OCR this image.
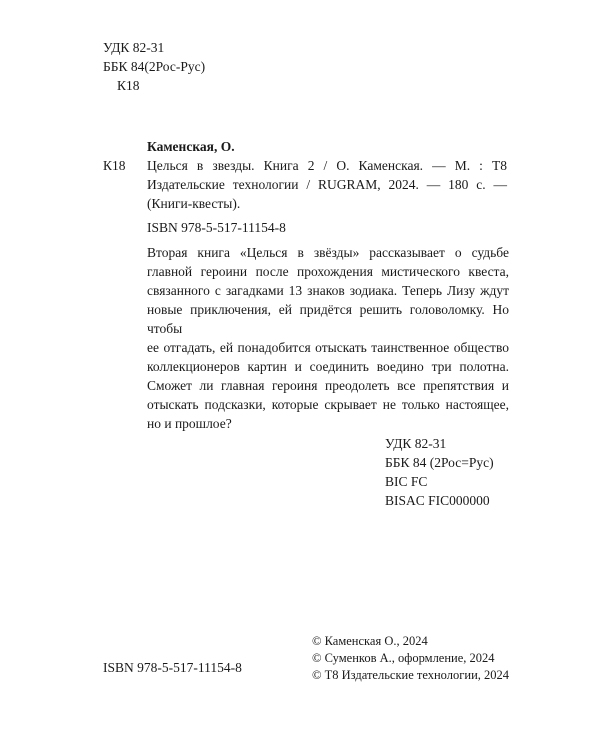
УДК 82-31
ББК 84(2Рос-Рус)
К18
Каменская, О.
К18 Целься в звезды. Книга 2 / О. Каменская. — М. : Т8
Издательские технологии / RUGRAM, 2024. — 180 с. —
(Книги-квесты).
ISBN 978-5-517-11154-8
Вторая книга «Целься в звёзды» рассказывает о судьбе
главной героини после прохождения мистического квеста,
связанного с загадками 13 знаков зодиака. Теперь Лизу ждут
новые приключения, ей придётся решить головоломку. Но чтобы
ее отгадать, ей понадобится отыскать таинственное общество
коллекционеров картин и соединить воедино три полотна.
Сможет ли главная героиня преодолеть все препятствия и
отыскать подсказки, которые скрывает не только настоящее,
но и прошлое?
УДК 82-31
ББК 84 (2Рос=Рус)
BIC FC
BISAC FIC000000
ISBN 978-5-517-11154-8
© Каменская О., 2024
© Суменков А., оформление, 2024
© Т8 Издательские технологии, 2024
